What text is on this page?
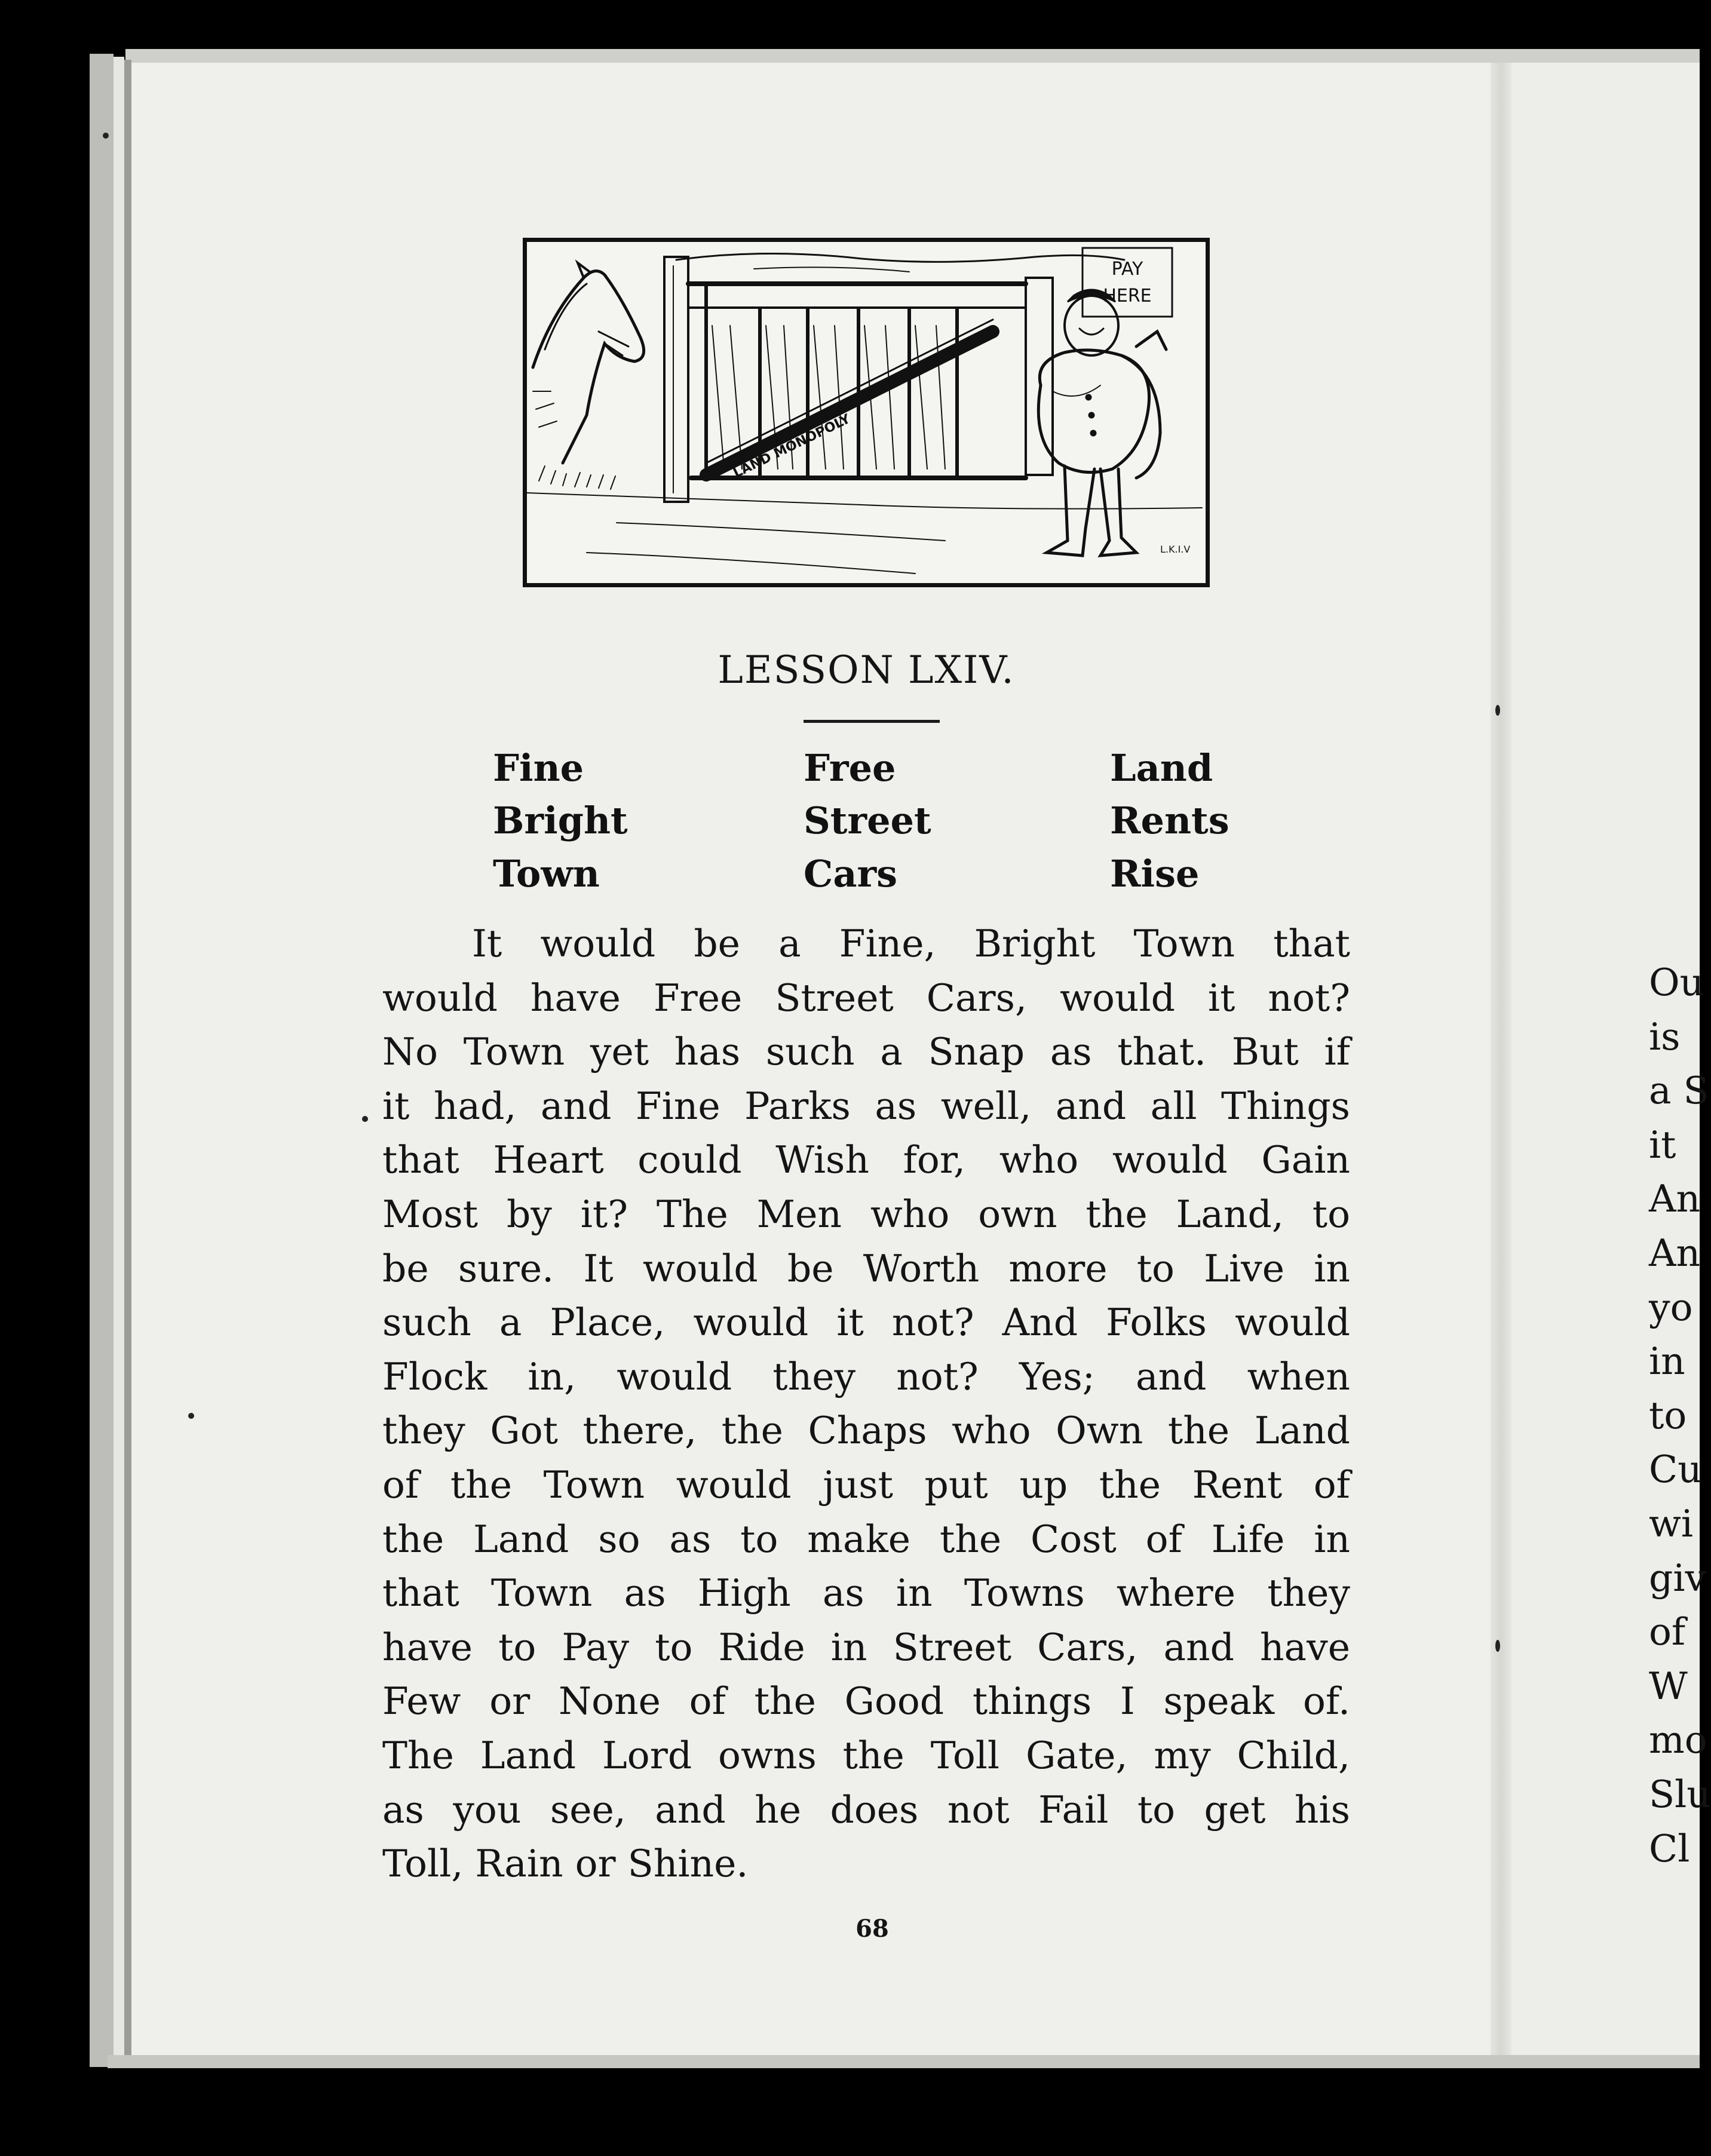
PAY
HERE
LAND MONOPOLY
L.K.I.V
LESSON LXIV.
Fine
Bright
Town
Free
Street
Cars
Land
Rents
Rise
It would be a Fine, Bright Town that
would have Free Street Cars, would it not?
No Town yet has such a Snap as that. But if
it had, and Fine Parks as well, and all Things
that Heart could Wish for, who would Gain
Most by it? The Men who own the Land, to
be sure. It would be Worth more to Live in
such a Place, would it not? And Folks would
Flock in, would they not? Yes; and when
they Got there, the Chaps who Own the Land
of the Town would just put up the Rent of
the Land so as to make the Cost of Life in
that Town as High as in Towns where they
have to Pay to Ride in Street Cars, and have
Few or None of the Good things I speak of.
The Land Lord owns the Toll Gate, my Child,
as you see, and he does not Fail to get his
Toll, Rain or Shine.
68
Ou
is
a S
it
An
An
yo
in
to
Cu
wi
giv
of
W
mo
Slu
Cl
